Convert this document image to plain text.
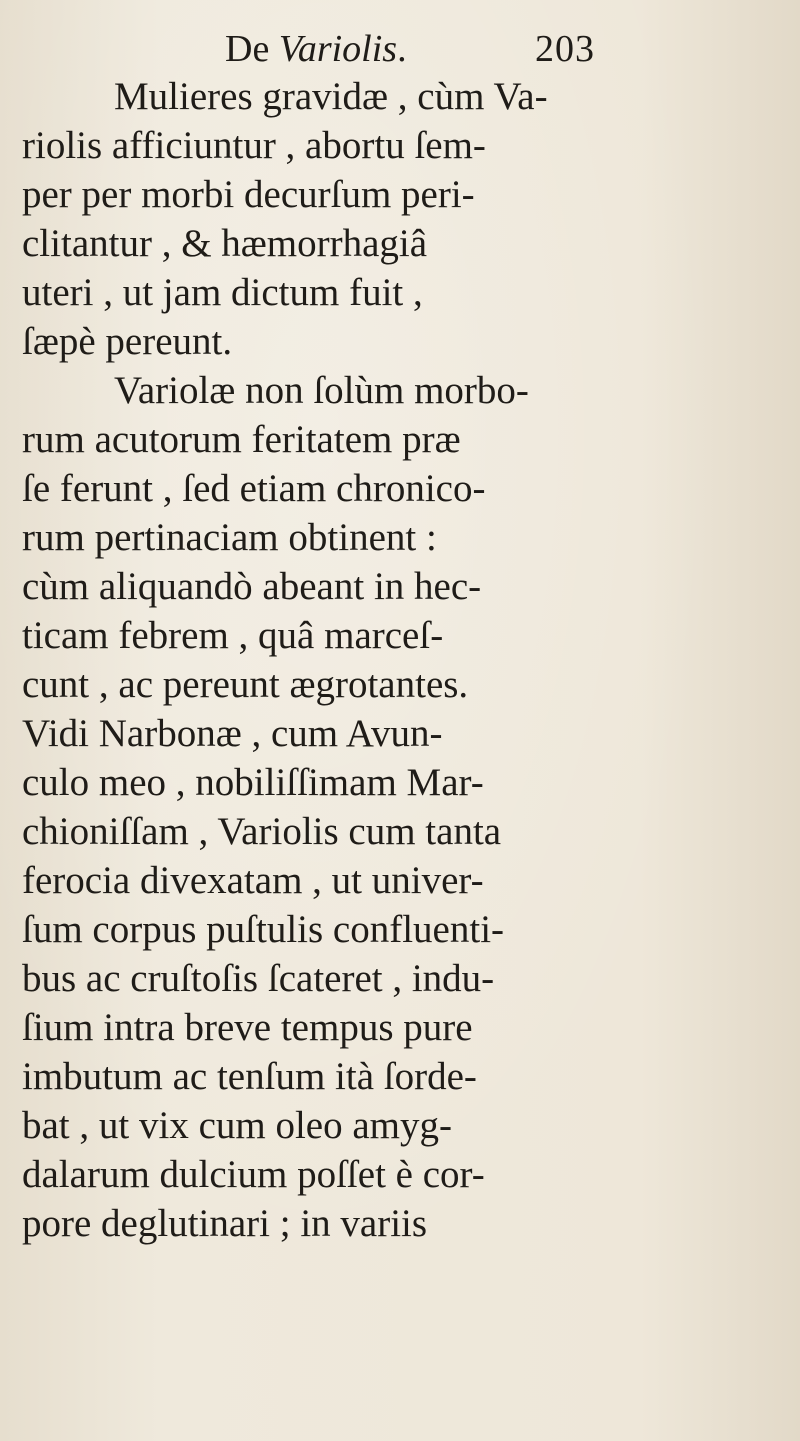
De Variolis.	203
Mulieres gravidæ , cùm Va-
riolis afficiuntur , abortu ſem-
per per morbi decurſum peri-
clitantur , & hæmorrhagiâ
uteri , ut jam dictum fuit ,
ſæpè pereunt.
Variolæ non ſolùm morbo-
rum acutorum feritatem præ
ſe ferunt , ſed etiam chronico-
rum pertinaciam obtinent :
cùm aliquandò abeant in hec-
ticam febrem , quâ marceſ-
cunt , ac pereunt ægrotantes.
Vidi Narbonæ , cum Avun-
culo meo , nobiliſſimam Mar-
chioniſſam , Variolis cum tanta
ferocia divexatam , ut univer-
ſum corpus puſtulis confluenti-
bus ac cruſtoſis ſcateret , indu-
ſium intra breve tempus pure
imbutum ac tenſum ità ſorde-
bat , ut vix cum oleo amyg-
dalarum dulcium poſſet è cor-
pore deglutinari ; in variis
